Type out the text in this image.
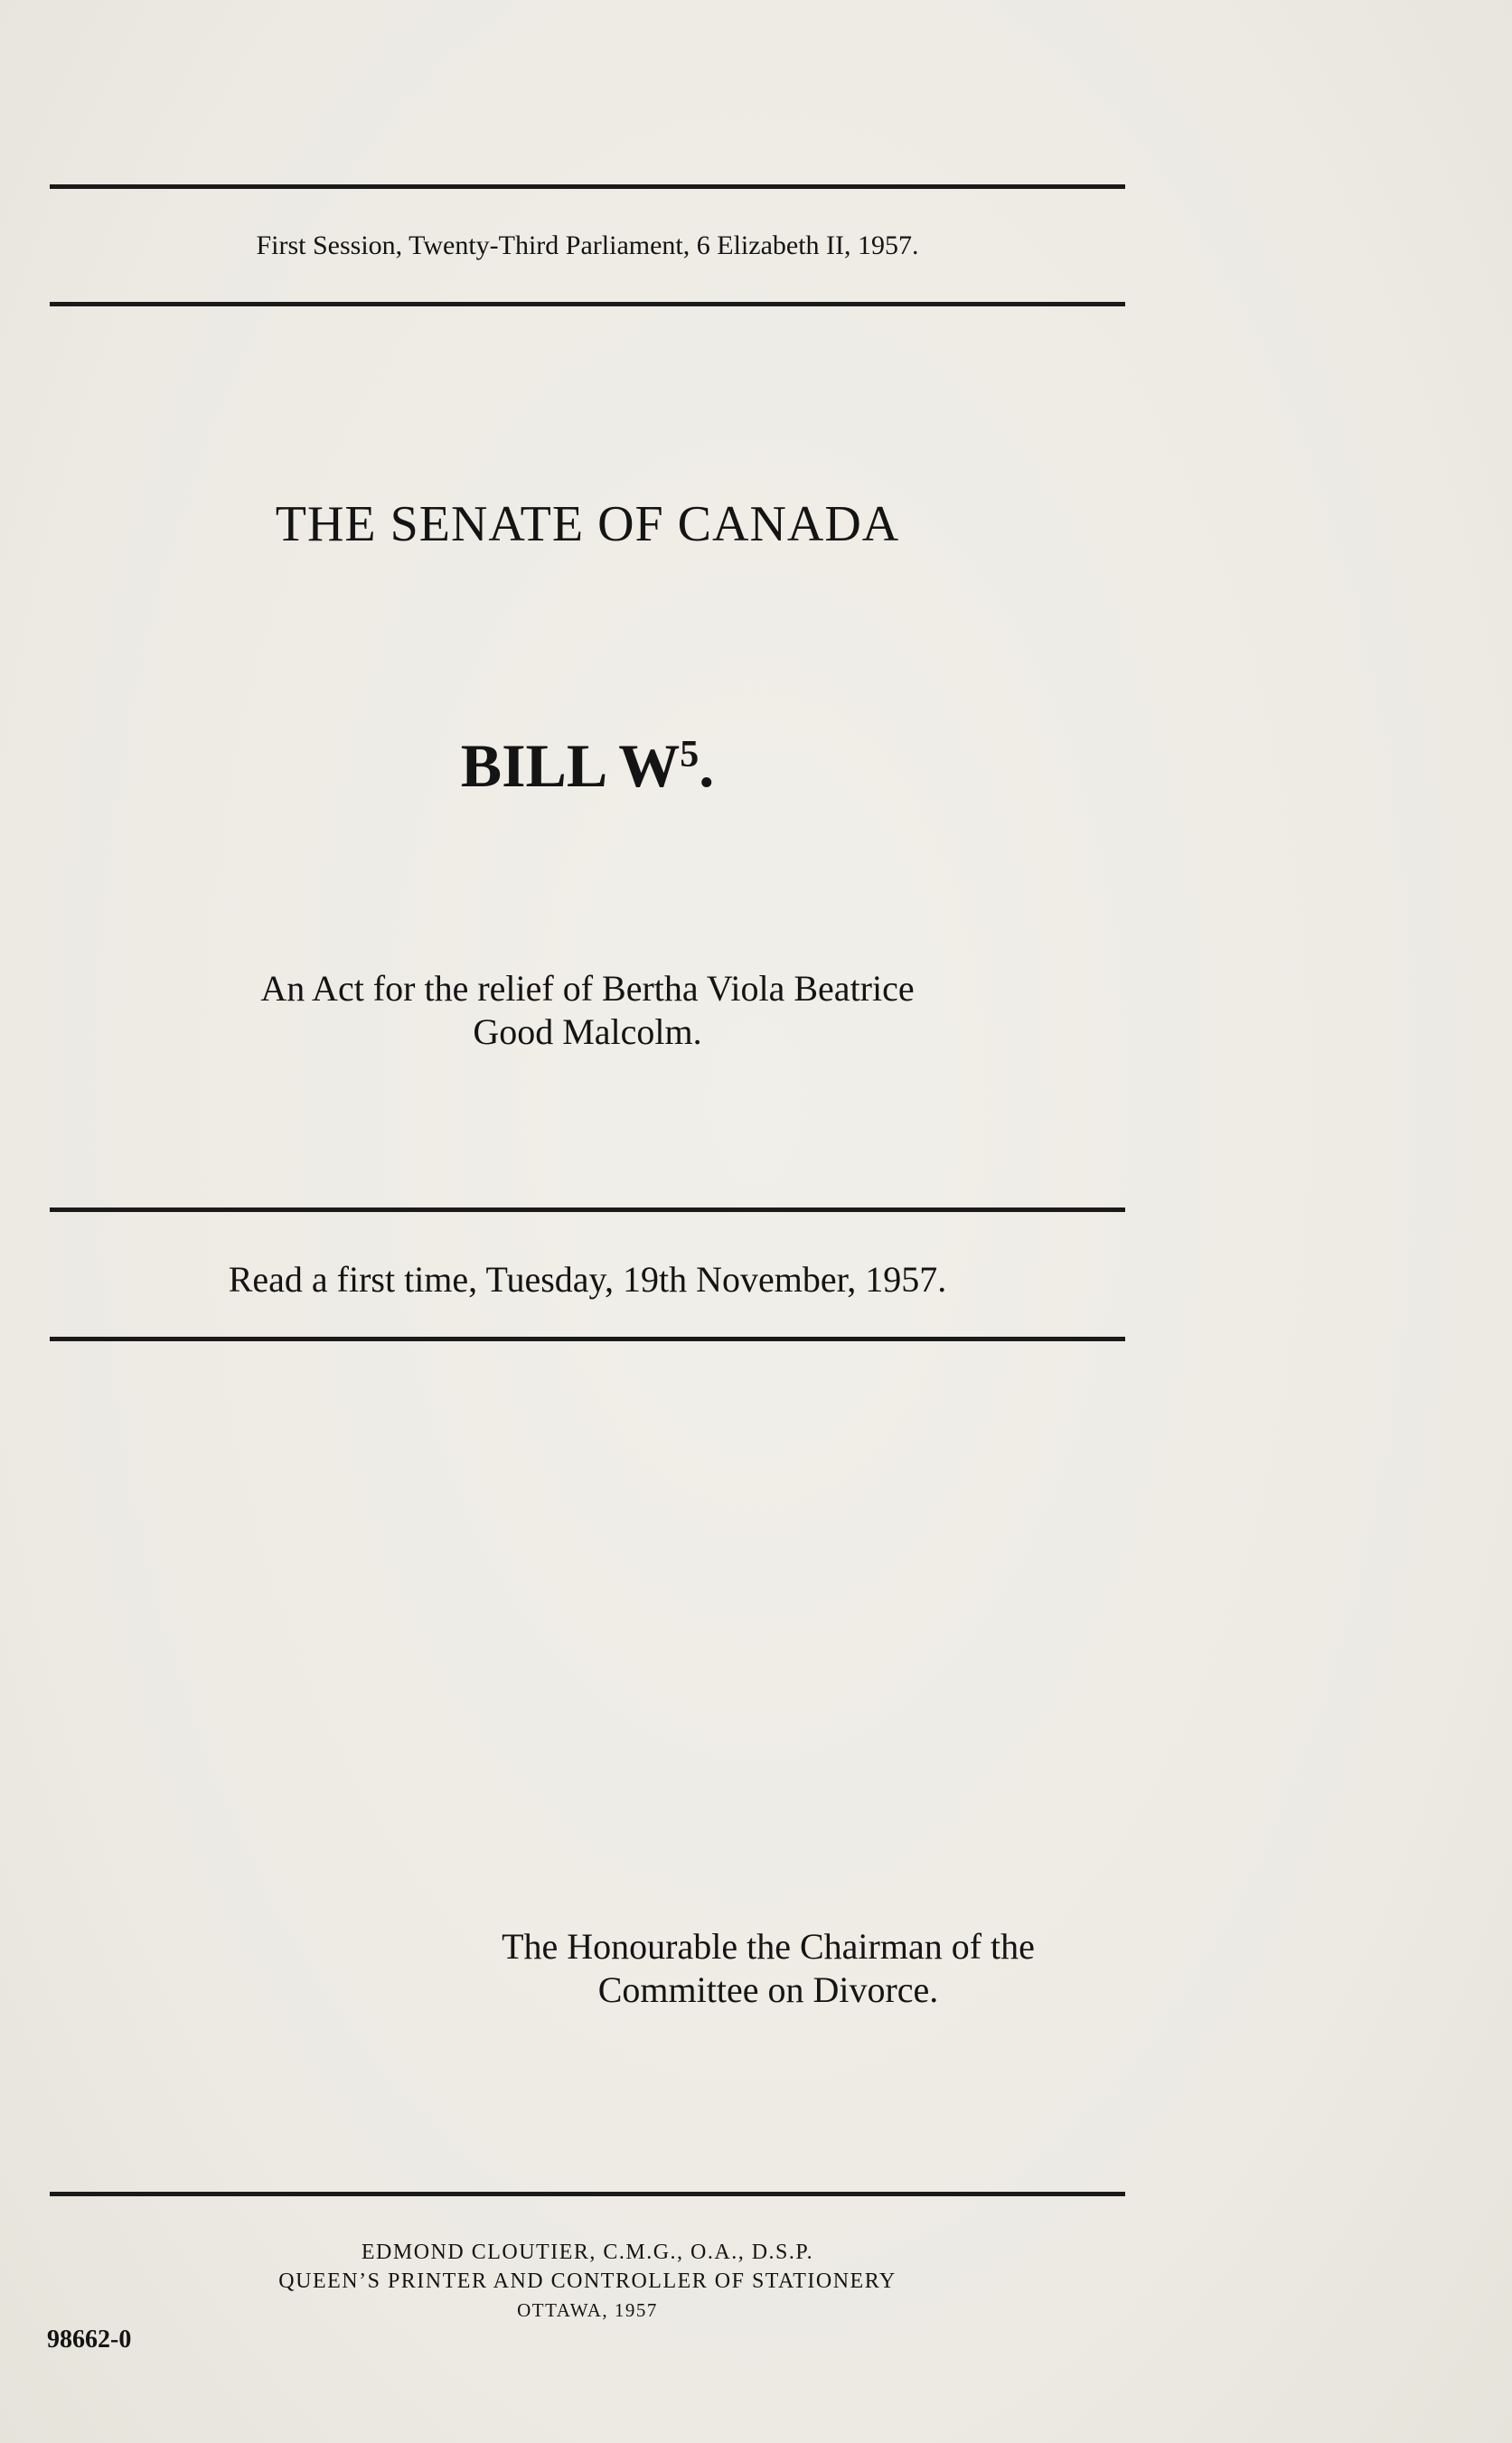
First Session, Twenty-Third Parliament, 6 Elizabeth II, 1957.
THE SENATE OF CANADA
BILL $W^5$.
An Act for the relief of Bertha Viola Beatrice
Good Malcolm.
Read a first time, Tuesday, 19th November, 1957.
The Honourable the Chairman of the
Committee on Divorce.
EDMOND CLOUTIER, C.M.G., O.A., D.S.P.
QUEEN’S PRINTER AND CONTROLLER OF STATIONERY
OTTAWA, 1957
98662-0
